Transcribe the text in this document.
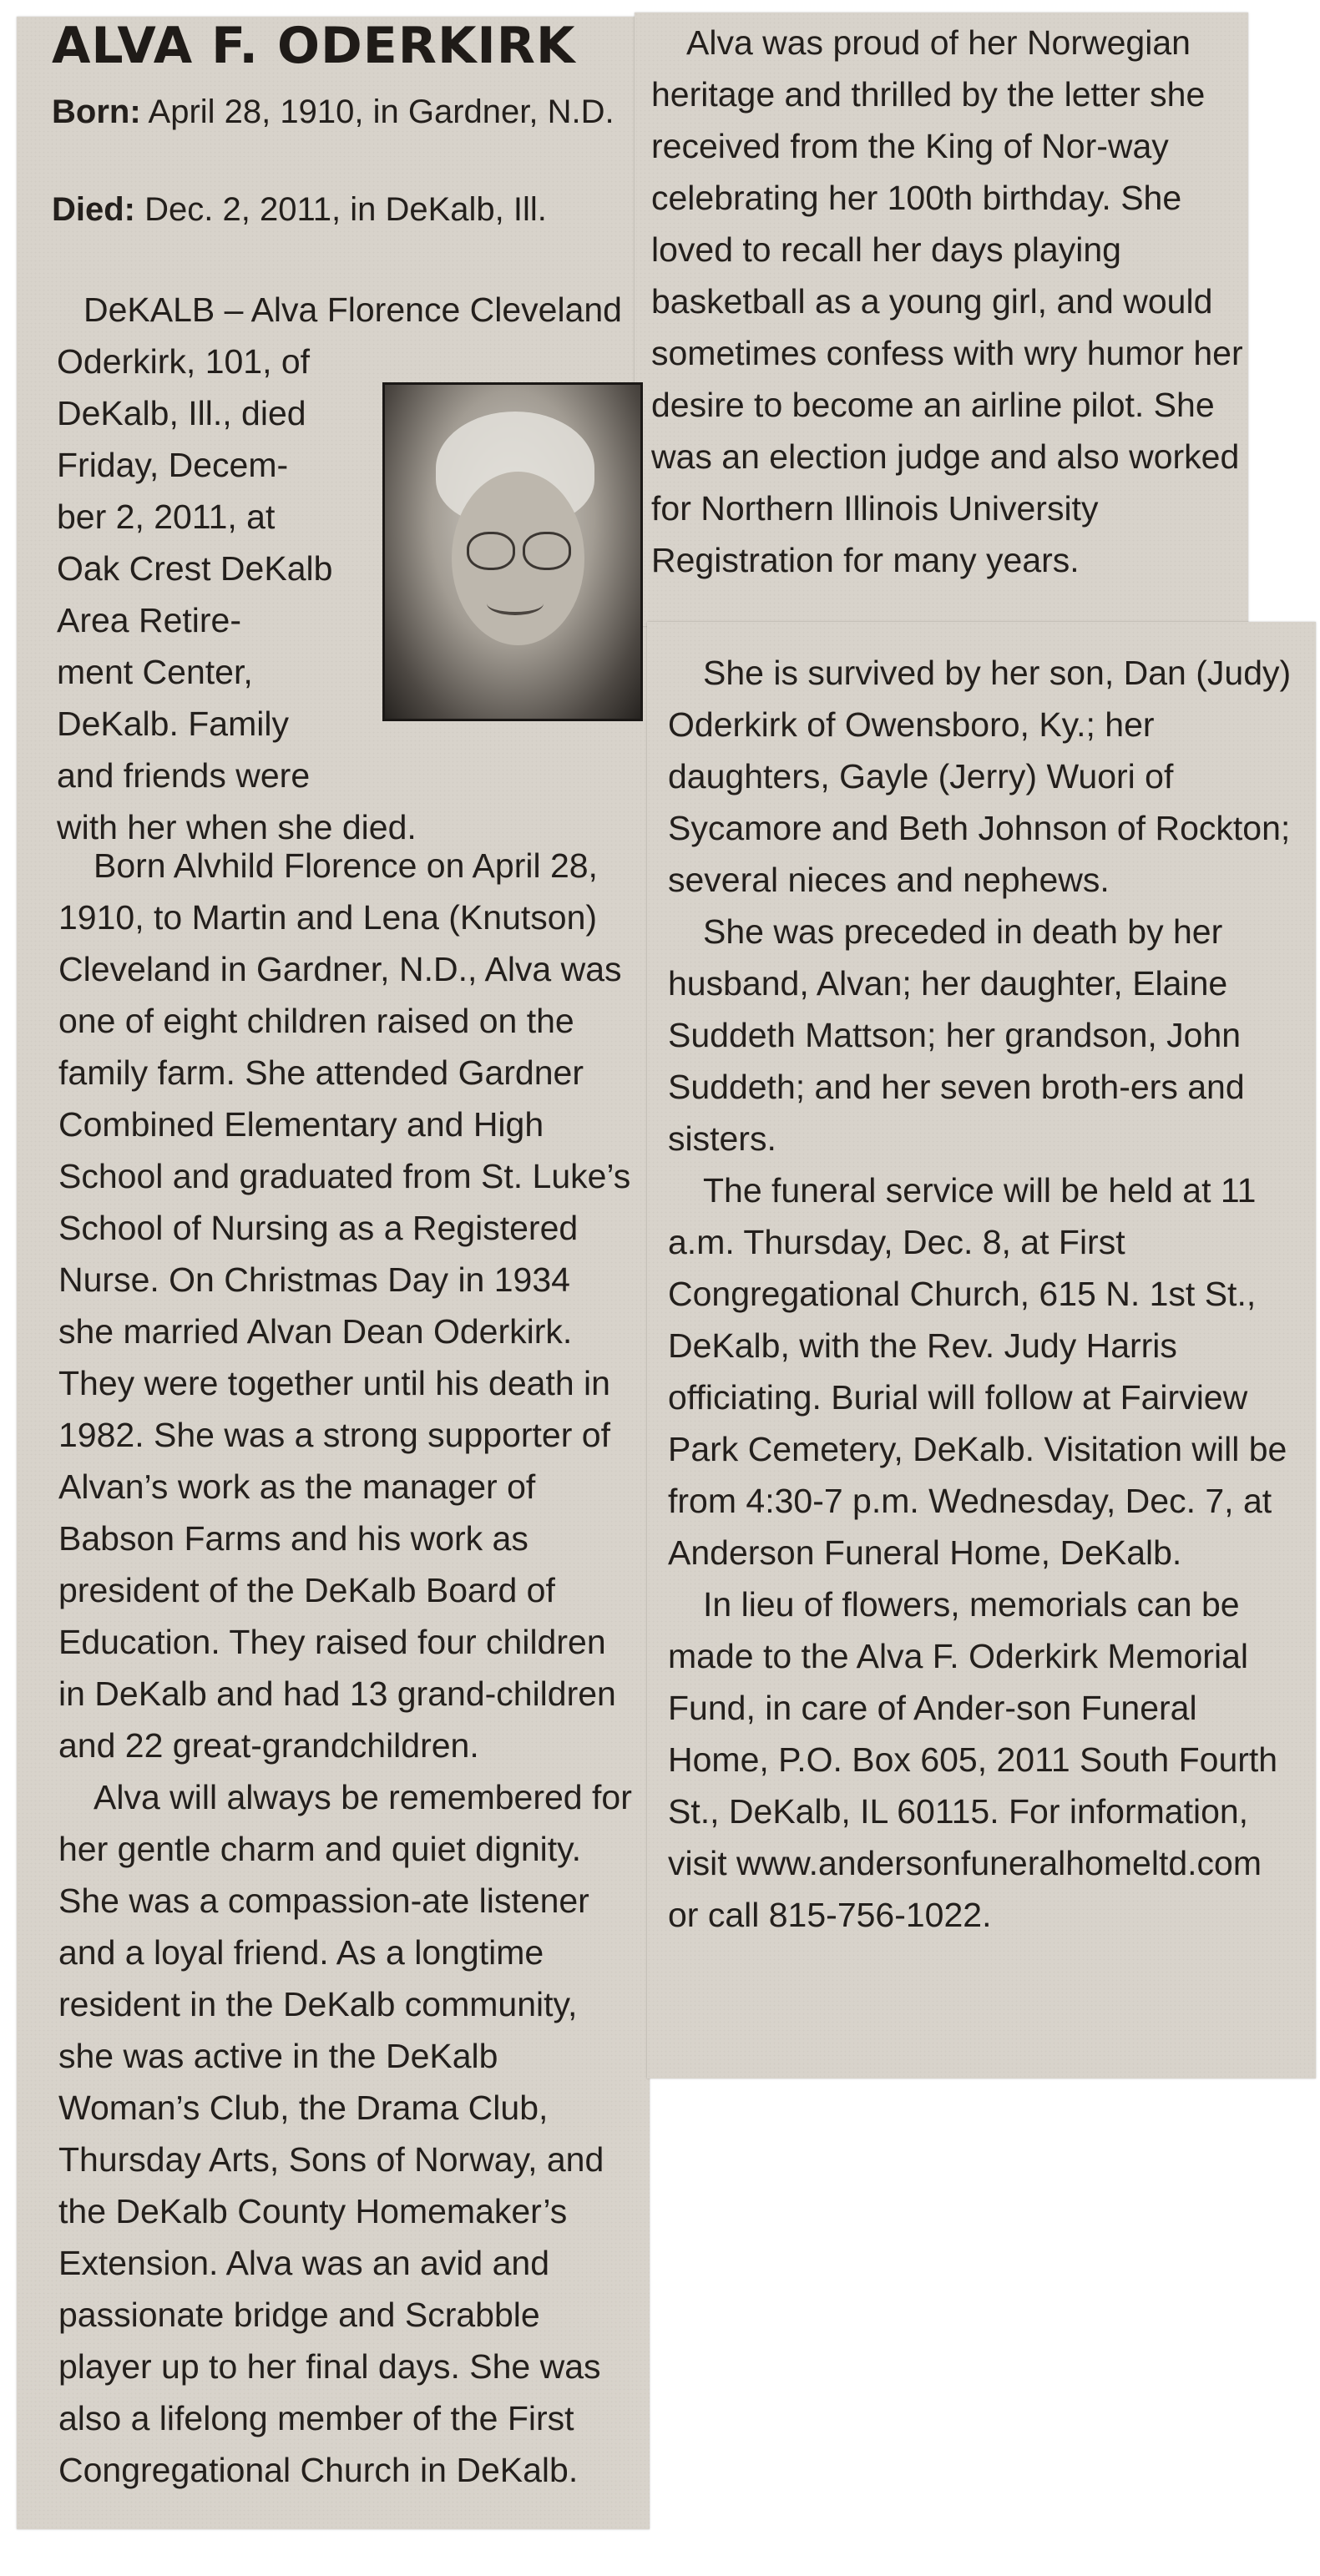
ALVA F. ODERKIRK

Born: April 28, 1910, in Gardner, N.D.

Died: Dec. 2, 2011, in DeKalb, Ill.

DeKALB – Alva Florence Cleveland

Oderkirk, 101, of

DeKalb, Ill., died

Friday, Decem-

ber 2, 2011, at

Oak Crest DeKalb

Area Retire-

ment Center,

DeKalb. Family

and friends were

with her when she died.

Born Alvhild Florence on April 28, 1910, to Martin and Lena (Knutson) Cleveland in Gardner, N.D., Alva was one of eight children raised on the family farm. She attended Gardner Combined Elementary and High School and graduated from St. Luke’s School of Nursing as a Registered Nurse. On Christmas Day in 1934 she married Alvan Dean Oderkirk. They were together until his death in 1982. She was a strong supporter of Alvan’s work as the manager of Babson Farms and his work as president of the DeKalb Board of Education. They raised four children in DeKalb and had 13 grand-children and 22 great-grandchildren.

Alva will always be remembered for her gentle charm and quiet dignity. She was a compassion-ate listener and a loyal friend. As a longtime resident in the DeKalb community, she was active in the DeKalb Woman’s Club, the Drama Club, Thursday Arts, Sons of Norway, and the DeKalb County Homemaker’s Extension. Alva was an avid and passionate bridge and Scrabble player up to her final days. She was also a lifelong member of the First Congregational Church in DeKalb.

Alva was proud of her Norwegian heritage and thrilled by the letter she received from the King of Nor-way celebrating her 100th birthday. She loved to recall her days playing basketball as a young girl, and would sometimes confess with wry humor her desire to become an airline pilot. She was an election judge and also worked for Northern Illinois University Registration for many years.

She is survived by her son, Dan (Judy) Oderkirk of Owensboro, Ky.; her daughters, Gayle (Jerry) Wuori of Sycamore and Beth Johnson of Rockton; several nieces and nephews.

She was preceded in death by her husband, Alvan; her daughter, Elaine Suddeth Mattson; her grandson, John Suddeth; and her seven broth-ers and sisters.

The funeral service will be held at 11 a.m. Thursday, Dec. 8, at First Congregational Church, 615 N. 1st St., DeKalb, with the Rev. Judy Harris officiating. Burial will follow at Fairview Park Cemetery, DeKalb. Visitation will be from 4:30-7 p.m. Wednesday, Dec. 7, at Anderson Funeral Home, DeKalb.

In lieu of flowers, memorials can be made to the Alva F. Oderkirk Memorial Fund, in care of Ander-son Funeral Home, P.O. Box 605, 2011 South Fourth St., DeKalb, IL 60115. For information, visit www.andersonfuneralhomeltd.com or call 815-756-1022.
